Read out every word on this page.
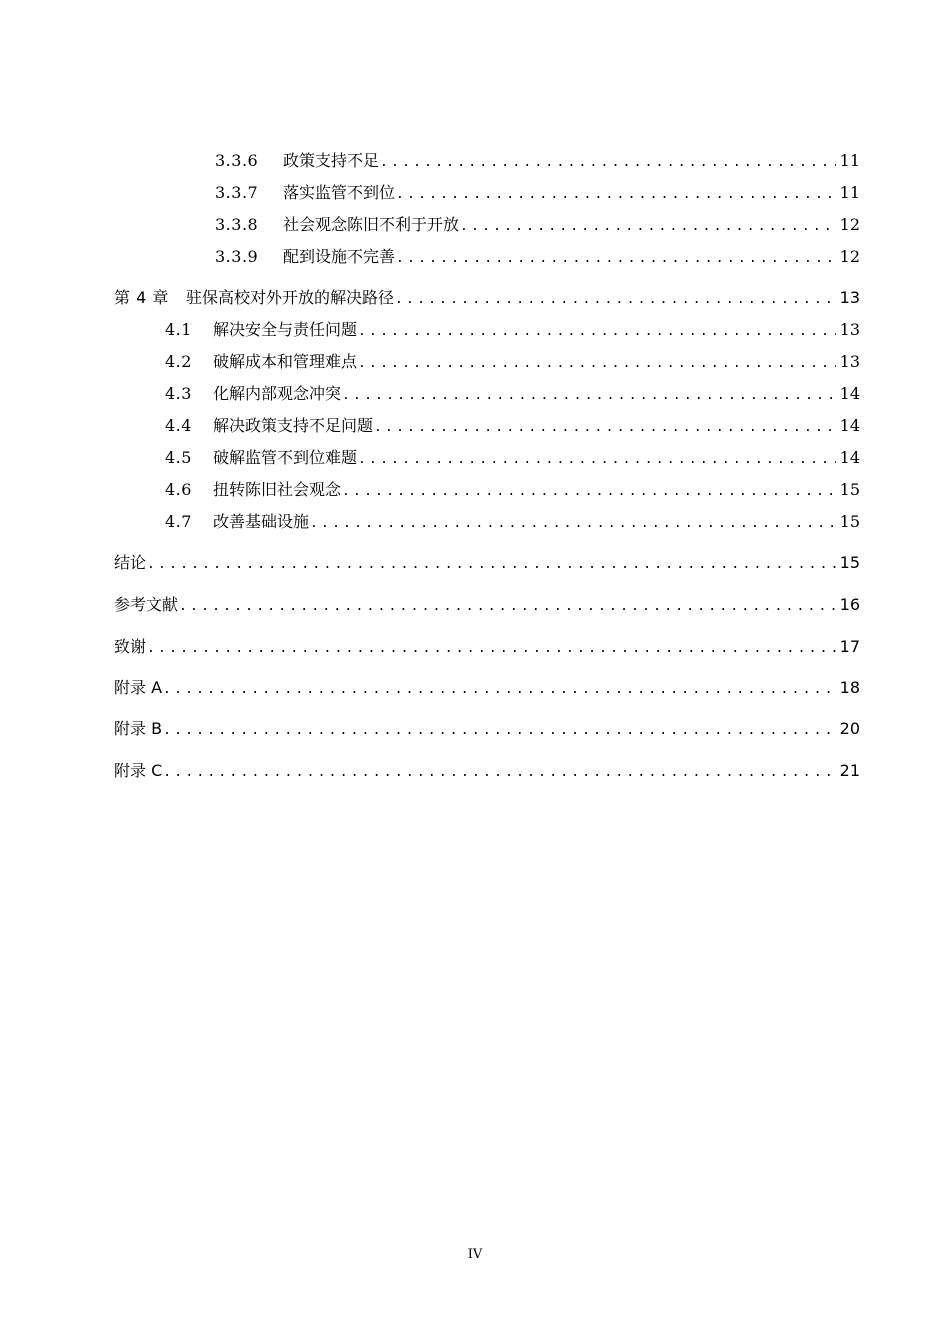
3.3.6	政策支持不足 .....	11
3.3.7	落实监管不到位 .....	11
3.3.8	社会观念陈旧不利于开放 .....	12
3.3.9	配到设施不完善 .....	12
第 4 章	驻保高校对外开放的解决路径 .....	13
4.1	解决安全与责任问题 .....	13
4.2	破解成本和管理难点 .....	13
4.3	化解内部观念冲突 .....	14
4.4	解决政策支持不足问题 .....	14
4.5	破解监管不到位难题 .....	14
4.6	扭转陈旧社会观念 .....	15
4.7	改善基础设施 .....	15
结论 .....	15
参考文献 .....	16
致谢 .....	17
附录 A .....	18
附录 B .....	20
附录 C .....	21
IV
